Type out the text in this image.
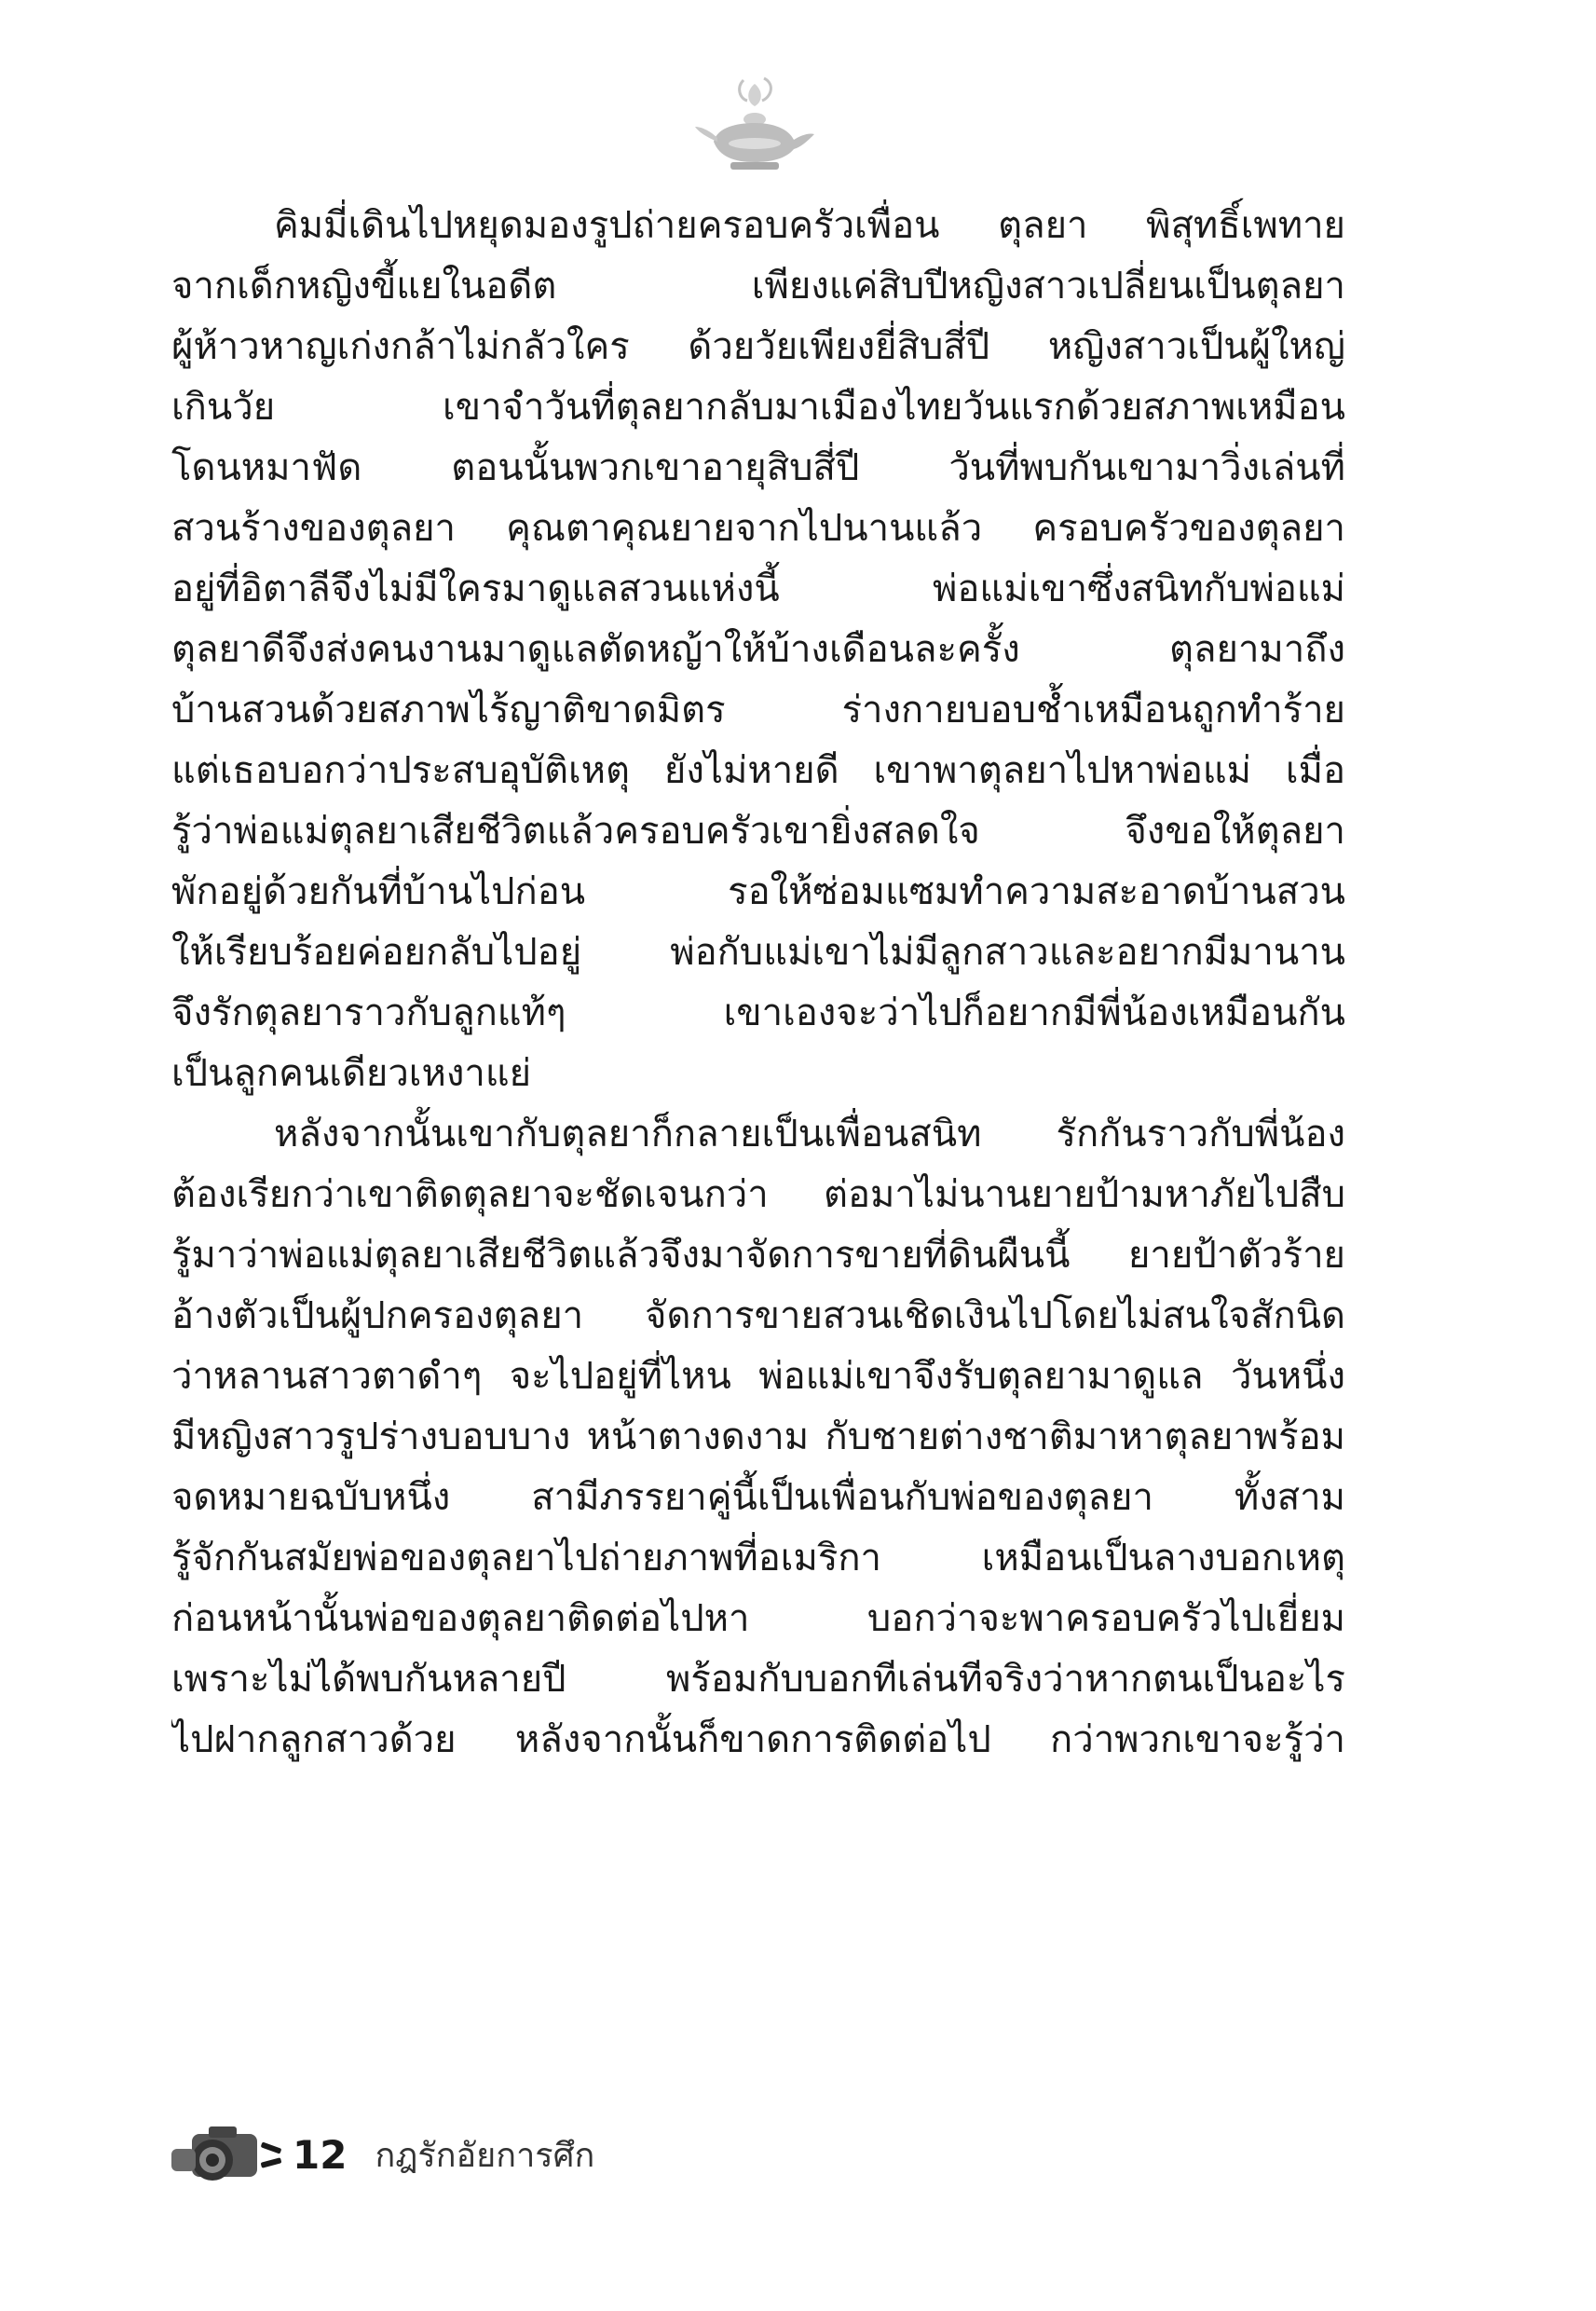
คิมมี่เดินไปหยุดมองรูปถ่ายครอบครัวเพื่อน ตุลยา พิสุทธิ์เพทาย
จากเด็กหญิงขี้แยในอดีต เพียงแค่สิบปีหญิงสาวเปลี่ยนเป็นตุลยา
ผู้ห้าวหาญเก่งกล้าไม่กลัวใคร ด้วยวัยเพียงยี่สิบสี่ปี หญิงสาวเป็นผู้ใหญ่
เกินวัย เขาจำวันที่ตุลยากลับมาเมืองไทยวันแรกด้วยสภาพเหมือน
โดนหมาฟัด ตอนนั้นพวกเขาอายุสิบสี่ปี วันที่พบกันเขามาวิ่งเล่นที่
สวนร้างของตุลยา คุณตาคุณยายจากไปนานแล้ว ครอบครัวของตุลยา
อยู่ที่อิตาลีจึงไม่มีใครมาดูแลสวนแห่งนี้ พ่อแม่เขาซึ่งสนิทกับพ่อแม่
ตุลยาดีจึงส่งคนงานมาดูแลตัดหญ้าให้บ้างเดือนละครั้ง ตุลยามาถึง
บ้านสวนด้วยสภาพไร้ญาติขาดมิตร ร่างกายบอบช้ำเหมือนถูกทำร้าย
แต่เธอบอกว่าประสบอุบัติเหตุ ยังไม่หายดี เขาพาตุลยาไปหาพ่อแม่ เมื่อ
รู้ว่าพ่อแม่ตุลยาเสียชีวิตแล้วครอบครัวเขายิ่งสลดใจ จึงขอให้ตุลยา
พักอยู่ด้วยกันที่บ้านไปก่อน รอให้ซ่อมแซมทำความสะอาดบ้านสวน
ให้เรียบร้อยค่อยกลับไปอยู่ พ่อกับแม่เขาไม่มีลูกสาวและอยากมีมานาน
จึงรักตุลยาราวกับลูกแท้ๆ เขาเองจะว่าไปก็อยากมีพี่น้องเหมือนกัน
เป็นลูกคนเดียวเหงาแย่
หลังจากนั้นเขากับตุลยาก็กลายเป็นเพื่อนสนิท รักกันราวกับพี่น้อง
ต้องเรียกว่าเขาติดตุลยาจะชัดเจนกว่า ต่อมาไม่นานยายป้ามหาภัยไปสืบ
รู้มาว่าพ่อแม่ตุลยาเสียชีวิตแล้วจึงมาจัดการขายที่ดินผืนนี้ ยายป้าตัวร้าย
อ้างตัวเป็นผู้ปกครองตุลยา จัดการขายสวนเชิดเงินไปโดยไม่สนใจสักนิด
ว่าหลานสาวตาดำๆ จะไปอยู่ที่ไหน พ่อแม่เขาจึงรับตุลยามาดูแล วันหนึ่ง
มีหญิงสาวรูปร่างบอบบาง หน้าตางดงาม กับชายต่างชาติมาหาตุลยาพร้อม
จดหมายฉบับหนึ่ง สามีภรรยาคู่นี้เป็นเพื่อนกับพ่อของตุลยา ทั้งสาม
รู้จักกันสมัยพ่อของตุลยาไปถ่ายภาพที่อเมริกา เหมือนเป็นลางบอกเหตุ
ก่อนหน้านั้นพ่อของตุลยาติดต่อไปหา บอกว่าจะพาครอบครัวไปเยี่ยม
เพราะไม่ได้พบกันหลายปี พร้อมกับบอกทีเล่นทีจริงว่าหากตนเป็นอะไร
ไปฝากลูกสาวด้วย หลังจากนั้นก็ขาดการติดต่อไป กว่าพวกเขาจะรู้ว่า
12 กฎรักอัยการศึก
